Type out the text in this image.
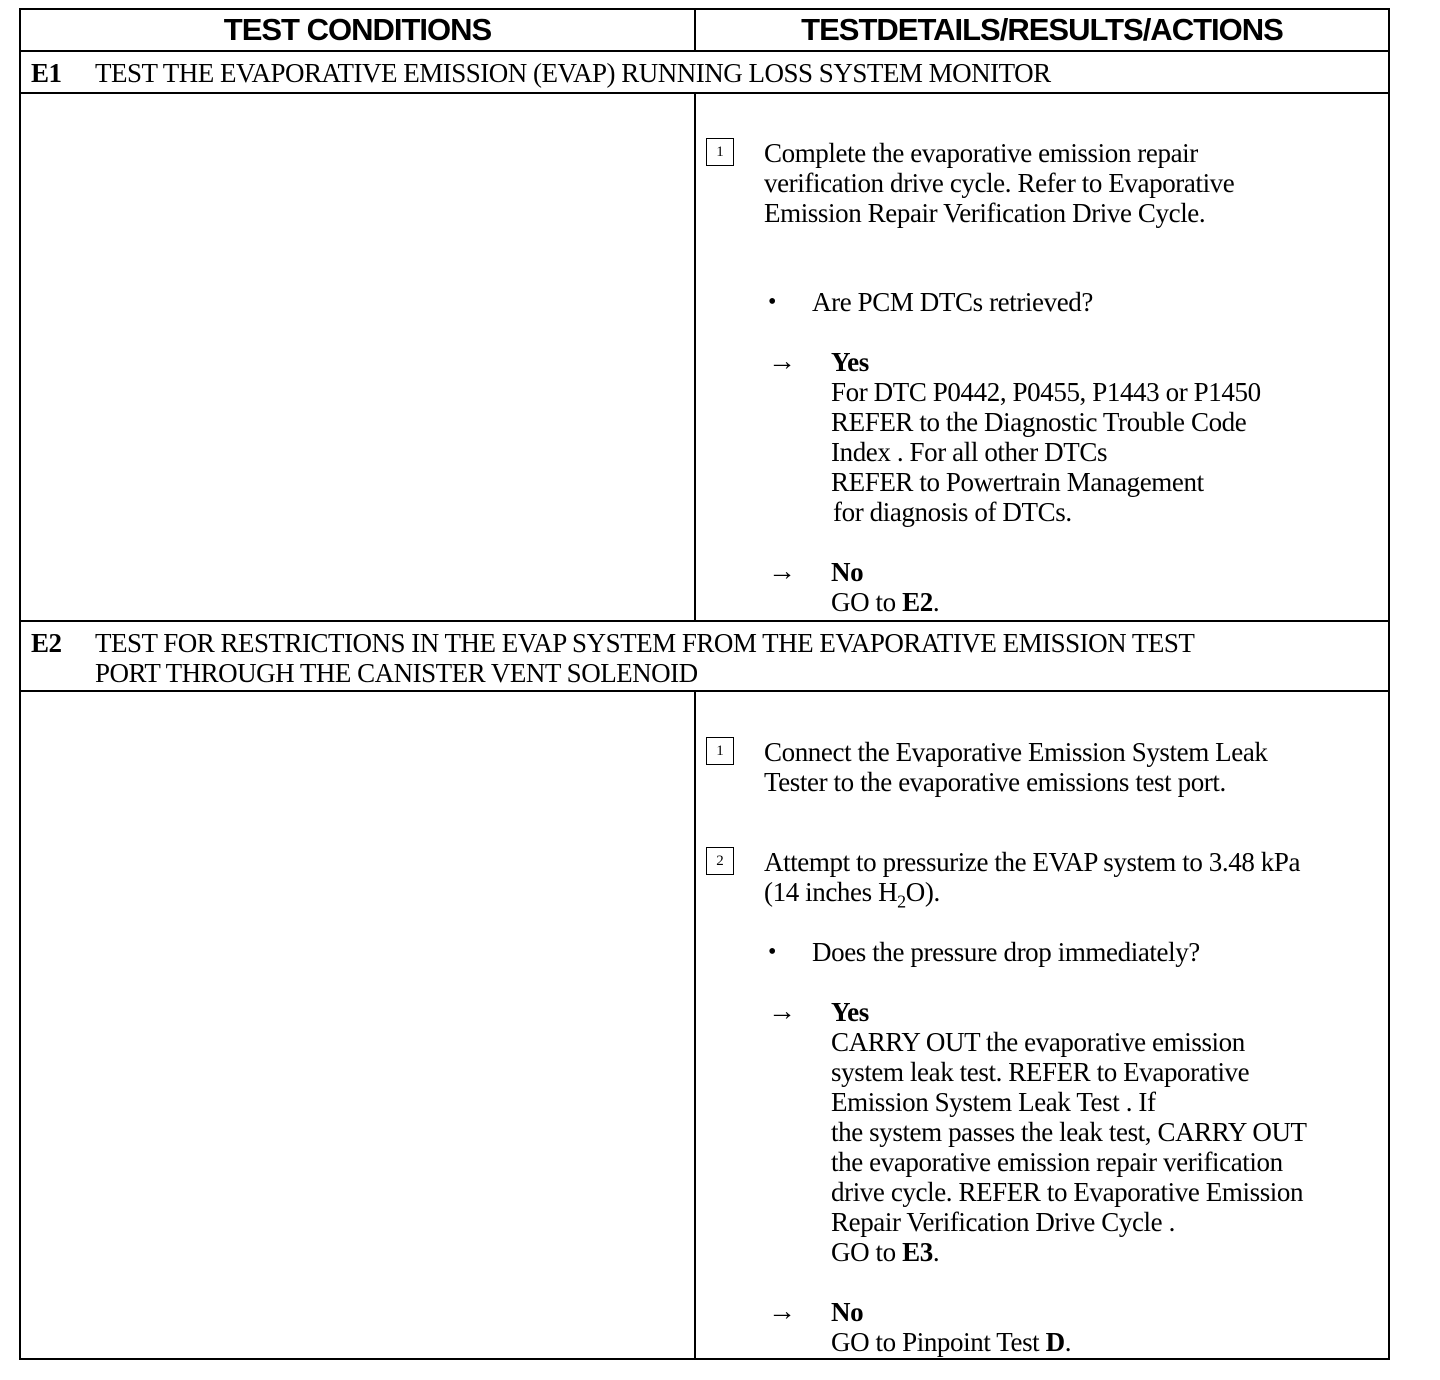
TEST CONDITIONS	TESTDETAILS/RESULTS/ACTIONS
E1 TEST THE EVAPORATIVE EMISSION (EVAP) RUNNING LOSS SYSTEM MONITOR
1	Complete the evaporative emission repair
verification drive cycle. Refer to Evaporative
Emission Repair Verification Drive Cycle.
• Are PCM DTCs retrieved?
→ Yes
For DTC P0442, P0455, P1443 or P1450
REFER to the Diagnostic Trouble Code
Index . For all other DTCs
REFER to Powertrain Management
for diagnosis of DTCs.
→ No
GO to E2.
E2 TEST FOR RESTRICTIONS IN THE EVAP SYSTEM FROM THE EVAPORATIVE EMISSION TEST
PORT THROUGH THE CANISTER VENT SOLENOID
1	Connect the Evaporative Emission System Leak
Tester to the evaporative emissions test port.
2	Attempt to pressurize the EVAP system to 3.48 kPa
(14 inches $H_2O$).
• Does the pressure drop immediately?
→ Yes
CARRY OUT the evaporative emission
system leak test. REFER to Evaporative
Emission System Leak Test . If
the system passes the leak test, CARRY OUT
the evaporative emission repair verification
drive cycle. REFER to Evaporative Emission
Repair Verification Drive Cycle .
GO to E3.
→ No
GO to Pinpoint Test D.
